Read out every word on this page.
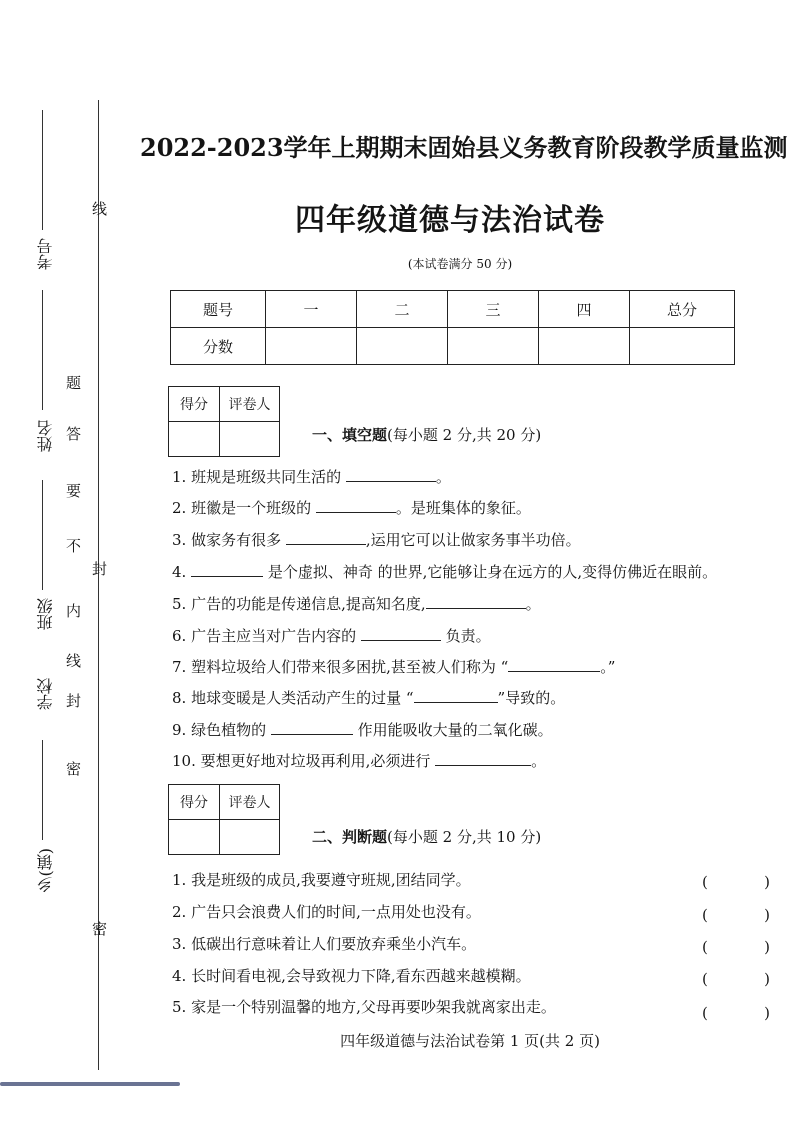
考号
姓名
班级
学校
乡(镇)
线
封
密
密
封
线
内
不
要
答
题
2022-2023学年上期期末固始县义务教育阶段教学质量监测
四年级道德与法治试卷
(本试卷满分 50 分)
题号	一	二	三	四	总分
分数					
得分	评卷人

一、填空题(每小题 2 分,共 20 分)
1. 班规是班级共同生活的	。
2. 班徽是一个班级的	。是班集体的象征。
3. 做家务有很多	,运用它可以让做家务事半功倍。
4.	是个虚拟、神奇 的世界,它能够让身在远方的人,变得仿佛近在眼前。
5. 广告的功能是传递信息,提高知名度,	。
6. 广告主应当对广告内容的	负责。
7. 塑料垃圾给人们带来很多困扰,甚至被人们称为 “	。”
8. 地球变暖是人类活动产生的过量 “	”导致的。
9. 绿色植物的	作用能吸收大量的二氧化碳。
10. 要想更好地对垃圾再利用,必须进行	。
得分	评卷人

二、判断题(每小题 2 分,共 10 分)
1. 我是班级的成员,我要遵守班规,团结同学。	(	)
2. 广告只会浪费人们的时间,一点用处也没有。	(	)
3. 低碳出行意味着让人们要放弃乘坐小汽车。	(	)
4. 长时间看电视,会导致视力下降,看东西越来越模糊。	(	)
5. 家是一个特别温馨的地方,父母再要吵架我就离家出走。	(	)
四年级道德与法治试卷第 1 页(共 2 页)
